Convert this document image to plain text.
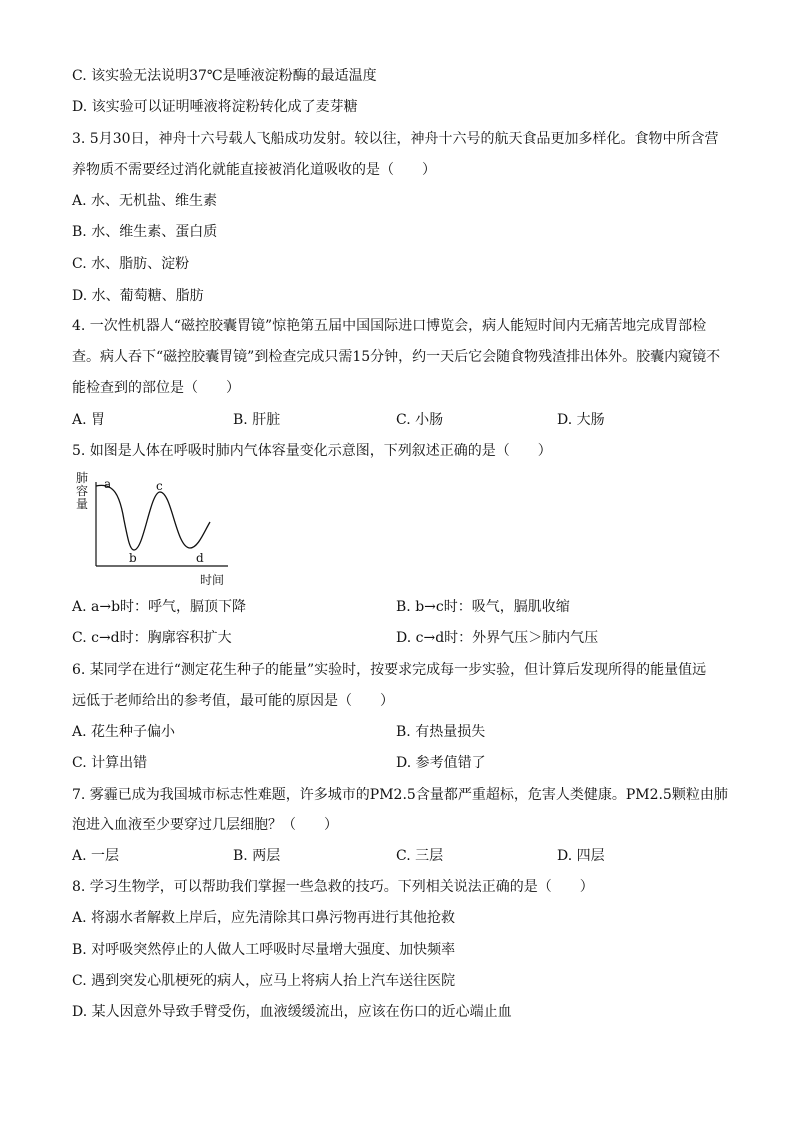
C. 该实验无法说明37℃是唾液淀粉酶的最适温度
D. 该实验可以证明唾液将淀粉转化成了麦芽糖
3. 5月30日，神舟十六号载人飞船成功发射。较以往，神舟十六号的航天食品更加多样化。食物中所含营
养物质不需要经过消化就能直接被消化道吸收的是（　　）
A. 水、无机盐、维生素
B. 水、维生素、蛋白质
C. 水、脂肪、淀粉
D. 水、葡萄糖、脂肪
4. 一次性机器人“磁控胶囊胃镜”惊艳第五届中国国际进口博览会，病人能短时间内无痛苦地完成胃部检
查。病人吞下“磁控胶囊胃镜”到检查完成只需15分钟，约一天后它会随食物残渣排出体外。胶囊内窥镜不
能检查到的部位是（　　）
A. 胃	B. 肝脏	C. 小肠	D. 大肠
5. 如图是人体在呼吸时肺内气体容量变化示意图，下列叙述正确的是（　　）
肺容量
时间
a
b
c
d
A. a→b时：呼气，膈顶下降	B. b→c时：吸气，膈肌收缩
C. c→d时：胸廓容积扩大	D. c→d时：外界气压＞肺内气压
6. 某同学在进行“测定花生种子的能量”实验时，按要求完成每一步实验，但计算后发现所得的能量值远
远低于老师给出的参考值，最可能的原因是（　　）
A. 花生种子偏小	B. 有热量损失
C. 计算出错	D. 参考值错了
7. 雾霾已成为我国城市标志性难题，许多城市的PM2.5含量都严重超标，危害人类健康。PM2.5颗粒由肺
泡进入血液至少要穿过几层细胞？（　　）
A. 一层	B. 两层	C. 三层	D. 四层
8. 学习生物学，可以帮助我们掌握一些急救的技巧。下列相关说法正确的是（　　）
A. 将溺水者解救上岸后，应先清除其口鼻污物再进行其他抢救
B. 对呼吸突然停止的人做人工呼吸时尽量增大强度、加快频率
C. 遇到突发心肌梗死的病人，应马上将病人抬上汽车送往医院
D. 某人因意外导致手臂受伤，血液缓缓流出，应该在伤口的近心端止血
